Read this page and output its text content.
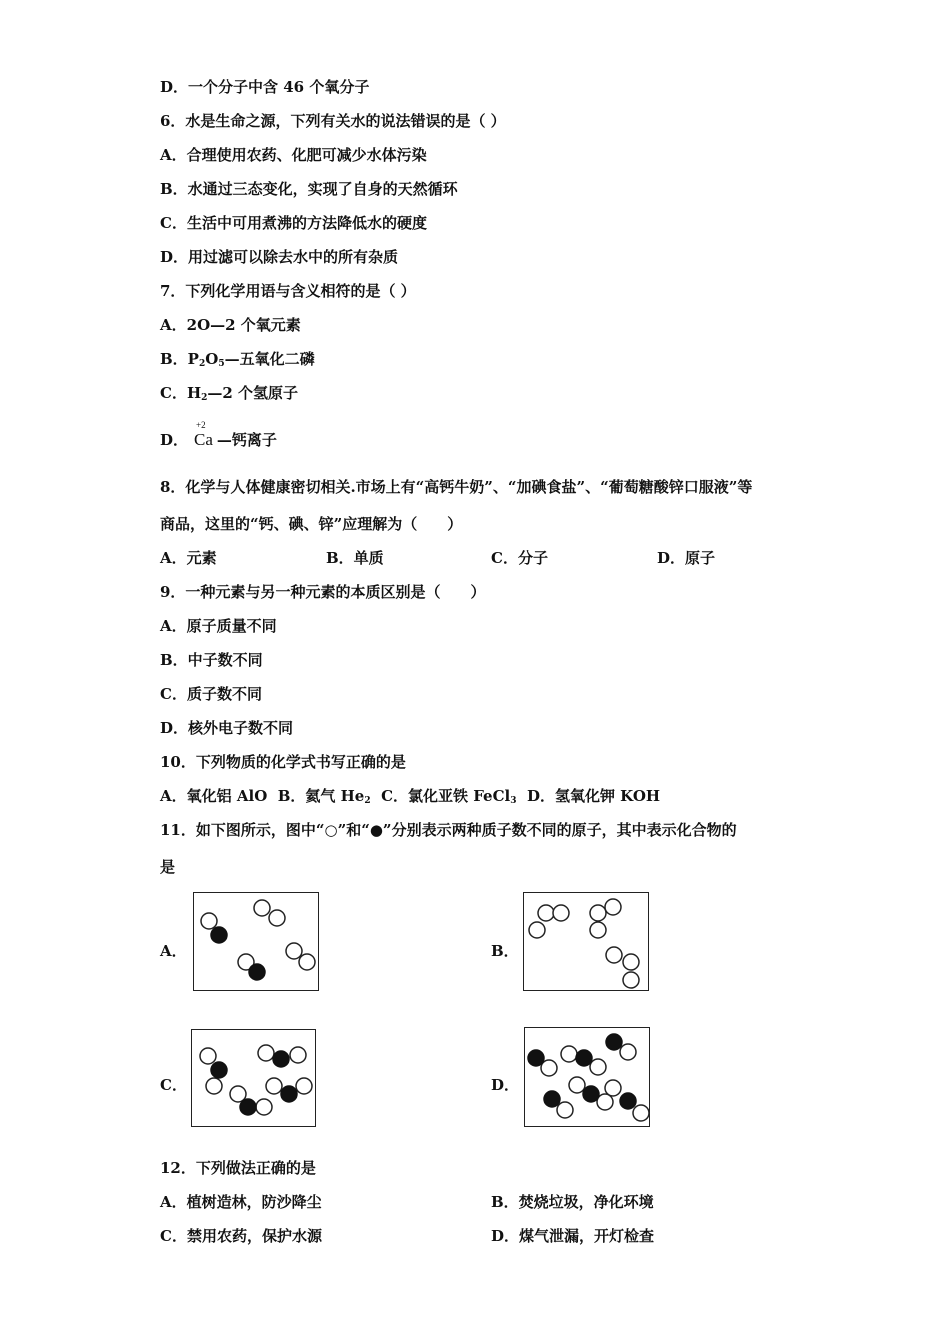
D．一个分子中含 46 个氧分子
6．水是生命之源，下列有关水的说法错误的是（ ）
A．合理使用农药、化肥可减少水体污染
B．水通过三态变化，实现了自身的天然循环
C．生活中可用煮沸的方法降低水的硬度
D．用过滤可以除去水中的所有杂质
7．下列化学用语与含义相符的是（ ）
A．2O—2 个氧元素
B．$P_2O_5—$五氧化二磷
D．
+2
Ca —钙离子
C．$H_2—2$ 个氢原子
8．化学与人体健康密切相关.市场上有“高钙牛奶”、“加碘食盐”、“葡萄糖酸锌口服液”等
商品，这里的“钙、碘、锌”应理解为（　　）
A．元素	B．单质	C．分子	D．原子
9．一种元素与另一种元素的本质区别是（　　）
A．原子质量不同
B．中子数不同
C．质子数不同
D．核外电子数不同
10．下列物质的化学式书写正确的是
A．氧化铝 AlO B．氦气 $He_2$ C．氯化亚铁 FeCl$_3$ D．氢氧化钾 KOH
11．如下图所示，图中“○”和“●”分别表示两种质子数不同的原子，其中表示化合物的
是
A．	B．
C．	D．
12．下列做法正确的是
A．植树造林，防沙降尘	B．焚烧垃圾，净化环境
C．禁用农药，保护水源	D．煤气泄漏，开灯检查
